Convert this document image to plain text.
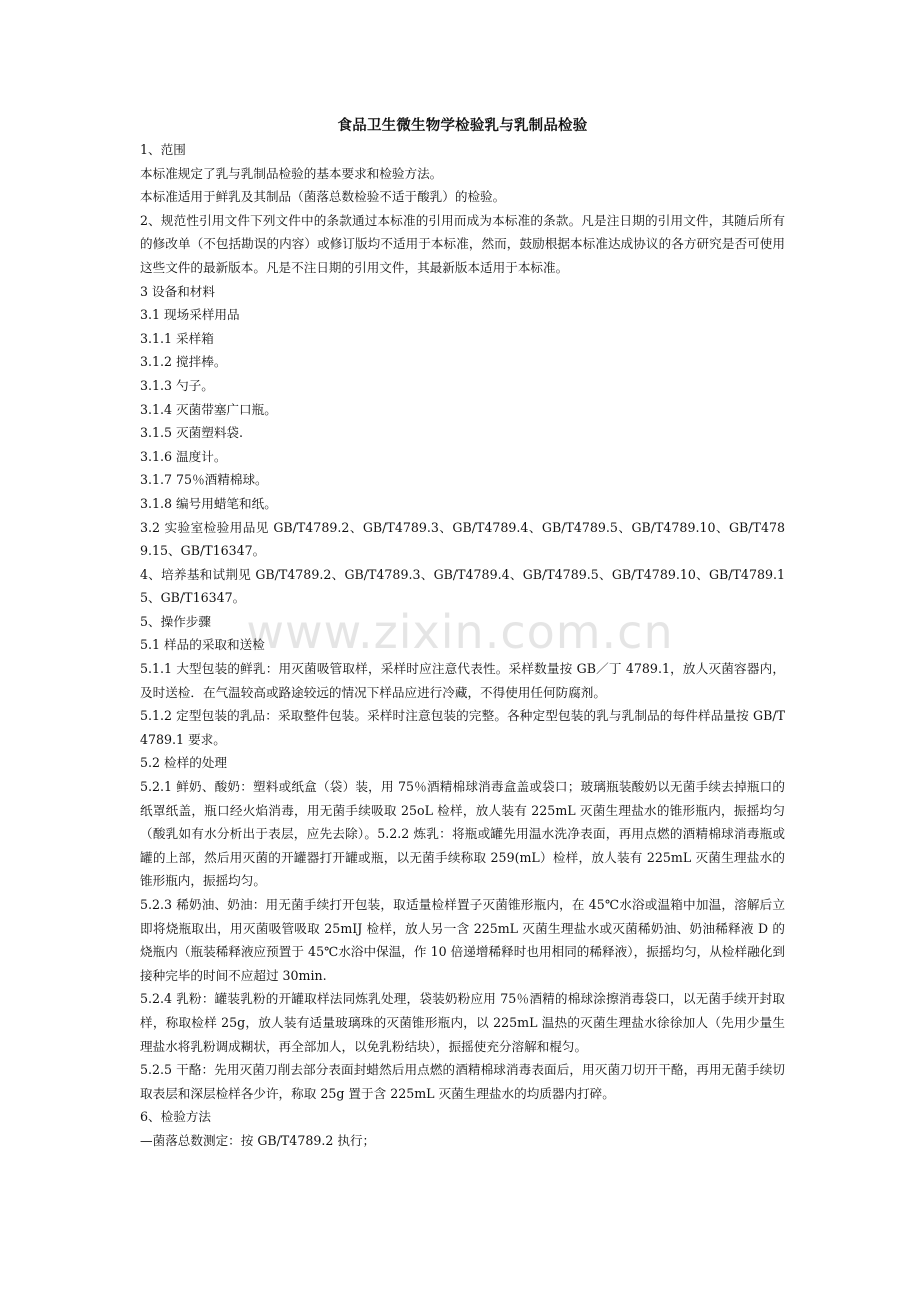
www.zixin.com.cn
食品卫生微生物学检验乳与乳制品检验

1、范围

本标准规定了乳与乳制品检验的基本要求和检验方法。

本标准适用于鲜乳及其制品（菌落总数检验不适于酸乳）的检验。

2、规范性引用文件下列文件中的条款通过本标准的引用而成为本标准的条款。凡是注日期的引用文件，其随后所有的修改单（不包括勘误的内容）或修订版均不适用于本标准，然而，鼓励根据本标准达成协议的各方研究是否可使用这些文件的最新版本。凡是不注日期的引用文件，其最新版本适用于本标准。

3 设备和材料

3.1 现场采样用品

3.1.1 采样箱

3.1.2 搅拌棒。

3.1.3 勺子。

3.1.4 灭菌带塞广口瓶。

3.1.5 灭菌塑料袋.

3.1.6 温度计。

3.1.7 75％酒精棉球。

3.1.8 编号用蜡笔和纸。

3.2 实验室检验用品见 GB/T4789.2、GB/T4789.3、GB/T4789.4、GB/T4789.5、GB/T4789.10、GB/T4789.15、GB/T16347。

4、培养基和试荆见 GB/T4789.2、GB/T4789.3、GB/T4789.4、GB/T4789.5、GB/T4789.10、GB/T4789.15、GB/T16347。

5、操作步骤

5.1 样品的采取和送检

5.1.1 大型包装的鲜乳：用灭菌吸管取样，采样时应注意代表性。采样数量按 GB／丁 4789.1，放人灭菌容器内，及时送检．在气温较高或路途较远的情况下样品应进行冷藏，不得使用任何防腐剂。

5.1.2 定型包装的乳品：采取整件包装。采样时注意包装的完整。各种定型包装的乳与乳制品的每件样品量按 GB/T4789.1 要求。

5.2 检样的处理

5.2.1 鲜奶、酸奶：塑料或纸盒（袋）装，用 75％酒精棉球消毒盒盖或袋口；玻璃瓶装酸奶以无菌手续去掉瓶口的纸罩纸盖，瓶口经火焰消毒，用无菌手续吸取 25oL 检样，放人装有 225mL 灭菌生理盐水的锥形瓶内，振摇均匀（酸乳如有水分析出于表层，应先去除）。5.2.2 炼乳：将瓶或罐先用温水洗净表面，再用点燃的酒精棉球消毒瓶或罐的上部，然后用灭菌的开罐器打开罐或瓶，以无菌手续称取 259(mL）检样，放人装有 225mL 灭菌生理盐水的锥形瓶内，振摇均匀。

5.2.3 稀奶油、奶油：用无菌手续打开包装，取适量检样置子灭菌锥形瓶内，在 45℃水浴或温箱中加温，溶解后立即将烧瓶取出，用灭菌吸管吸取 25mIJ 检样，放人另一含 225mL 灭菌生理盐水或灭菌稀奶油、奶油稀释液 D 的烧瓶内（瓶装稀释液应预置于 45℃水浴中保温，作 10 倍递增稀释时也用相同的稀释液），振摇均匀，从检样融化到接种完毕的时间不应超过 30min.

5.2.4 乳粉：罐装乳粉的开罐取样法同炼乳处理，袋装奶粉应用 75％酒精的棉球涂擦消毒袋口，以无菌手续开封取样，称取检样 25g，放人装有适量玻璃珠的灭菌锥形瓶内，以 225mL 温热的灭菌生理盐水徐徐加人（先用少量生理盐水将乳粉调成糊状，再全部加人，以免乳粉结块），振摇使充分溶解和棍匀。

5.2.5 干酪：先用灭菌刀削去部分表面封蜡然后用点燃的酒精棉球消毒表面后，用灭菌刀切开干酪，再用无菌手续切取表层和深层检样各少许，称取 25g 置于含 225mL 灭菌生理盐水的均质器内打碎。

6、检验方法

—菌落总数测定：按 GB/T4789.2 执行；
